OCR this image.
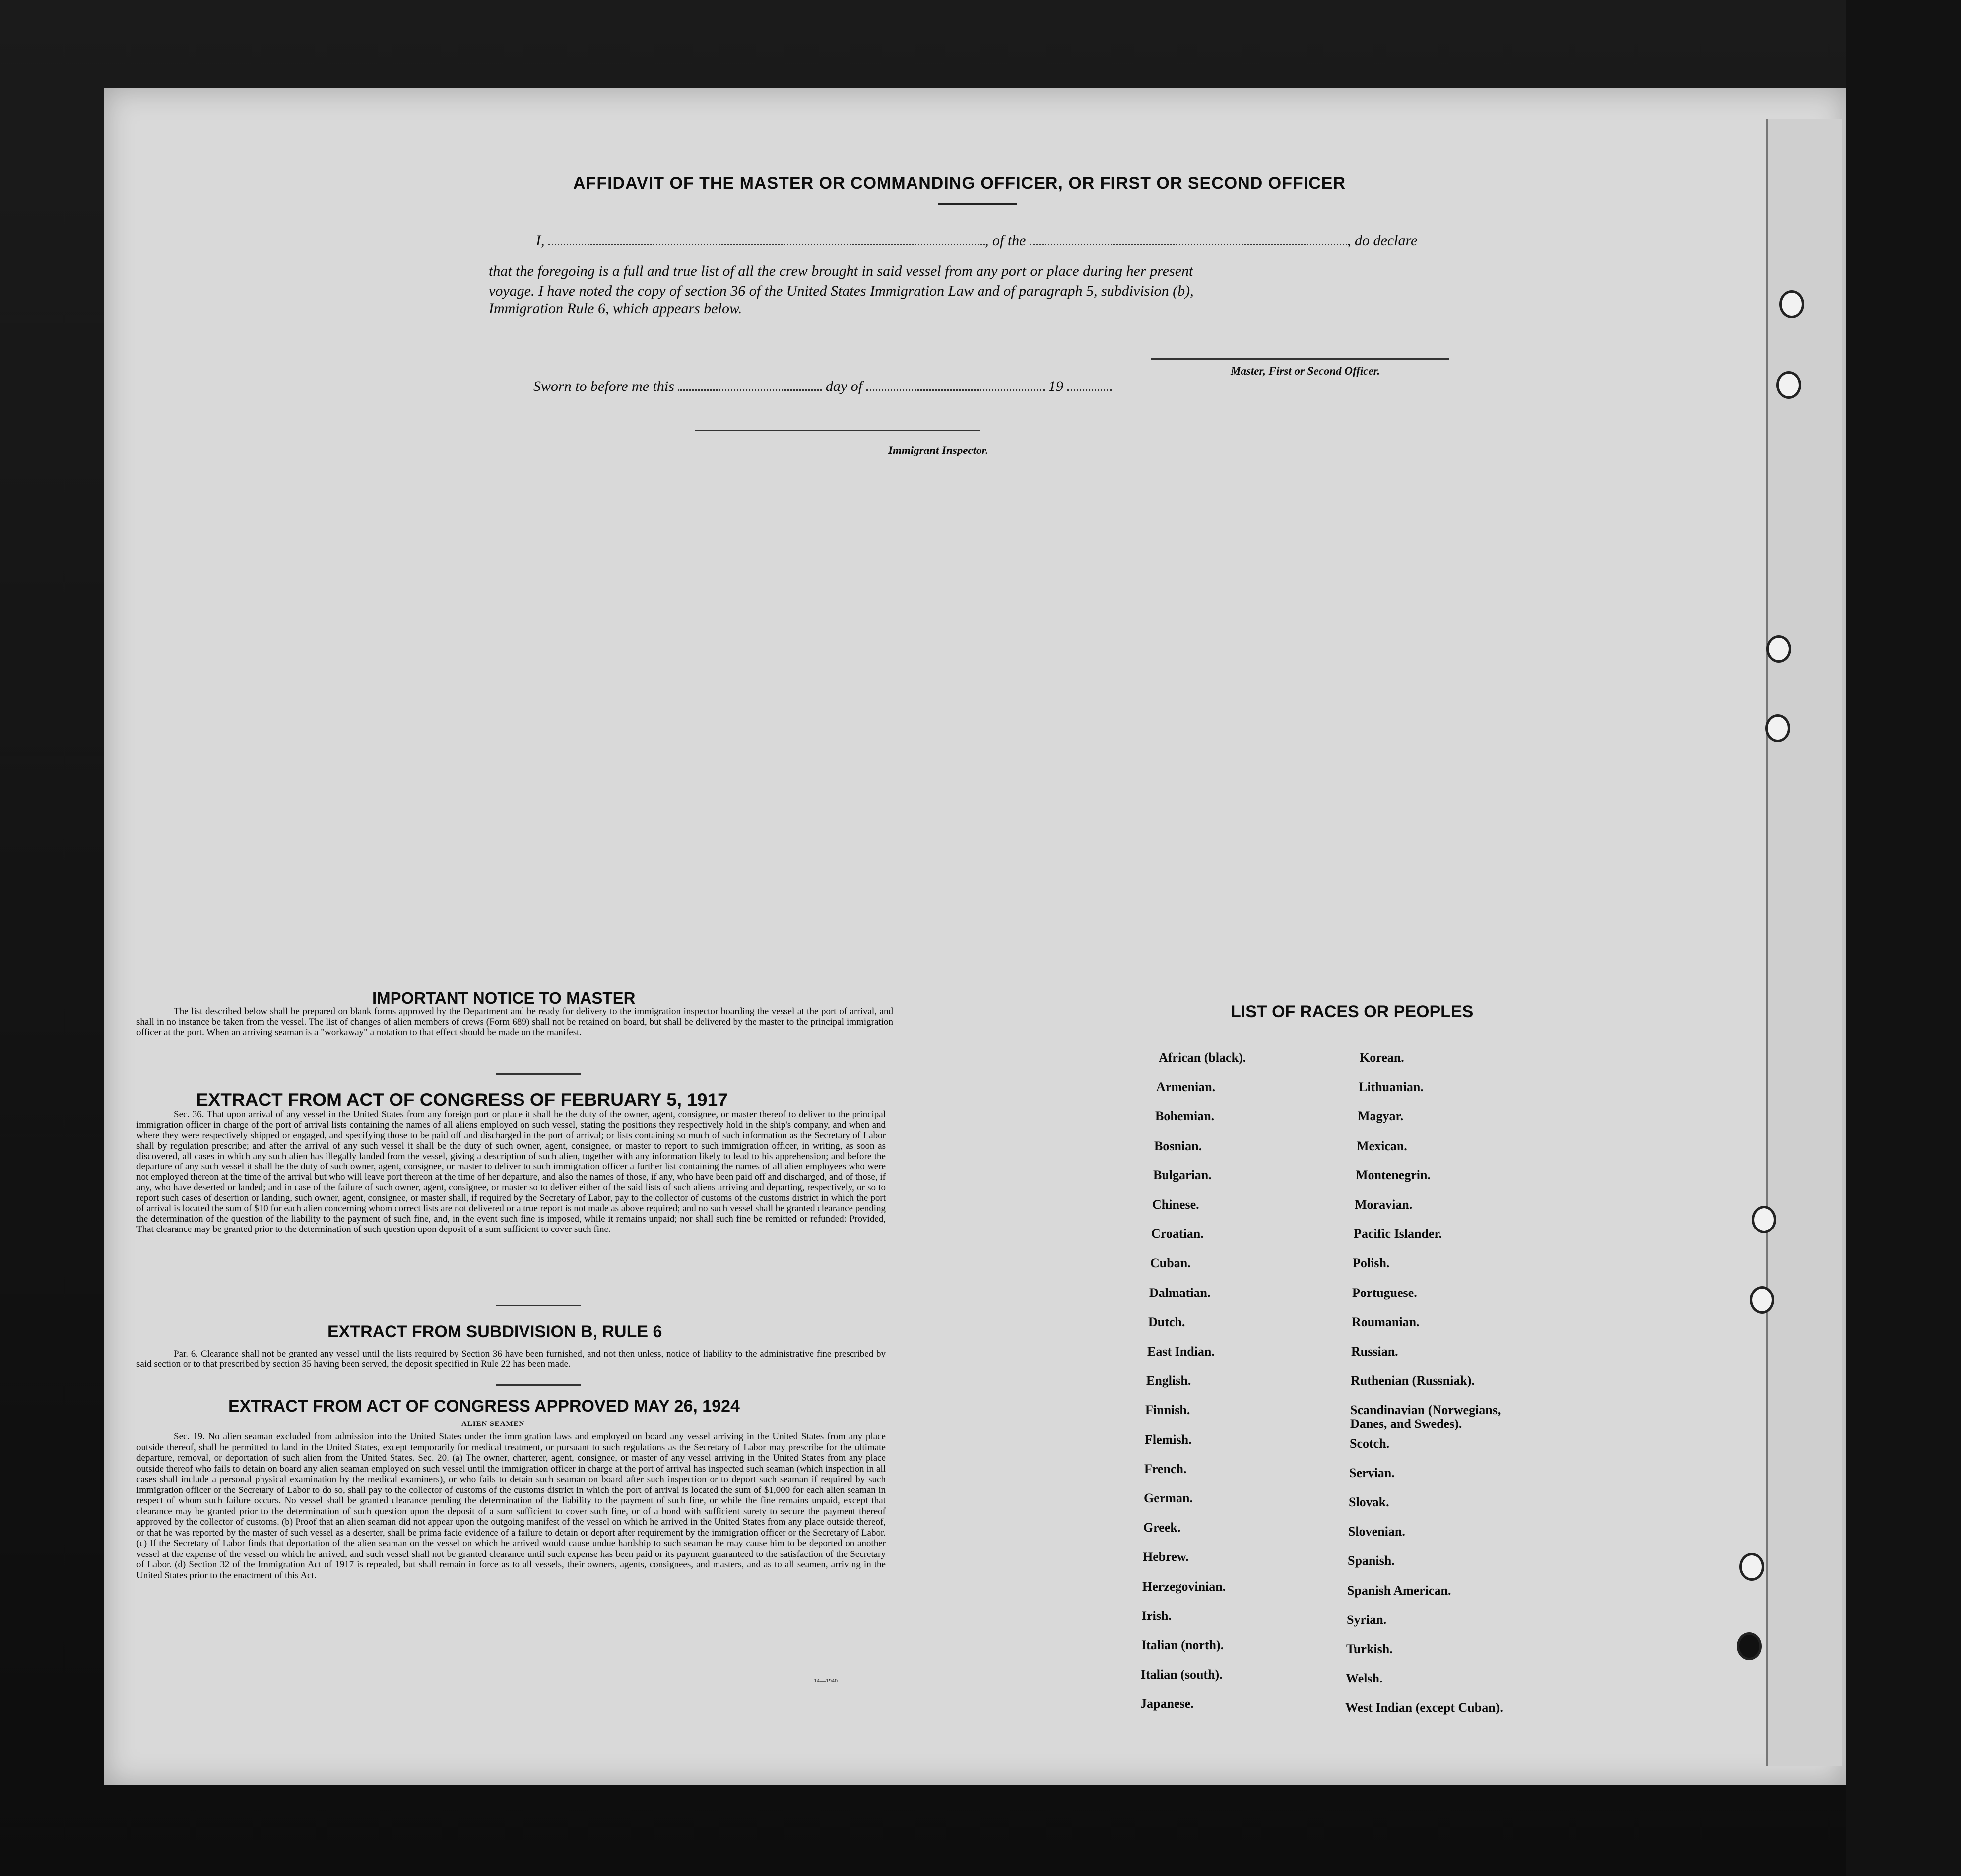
AFFIDAVIT OF THE MASTER OR COMMANDING OFFICER, OR FIRST OR SECOND OFFICER
I,	, of the	, do declare
that the foregoing is a full and true list of all the crew brought in said vessel from any port or place during her present
voyage. I have noted the copy of section 36 of the United States Immigration Law and of paragraph 5, subdivision (b),
Immigration Rule 6, which appears below.
Master, First or Second Officer.
Sworn to before me this	day of	19
Immigrant Inspector.
IMPORTANT NOTICE TO MASTER
The list described below shall be prepared on blank forms approved by the Department and be ready for delivery to the immigration inspector boarding the vessel at the port of arrival, and shall in no instance be taken from the vessel. The list of changes of alien members of crews (Form 689) shall not be retained on board, but shall be delivered by the master to the principal immigration officer at the port. When an arriving seaman is a "workaway" a notation to that effect should be made on the manifest.
EXTRACT FROM ACT OF CONGRESS OF FEBRUARY 5, 1917
Sec. 36. That upon arrival of any vessel in the United States from any foreign port or place it shall be the duty of the owner, agent, consignee, or master thereof to deliver to the principal immigration officer in charge of the port of arrival lists containing the names of all aliens employed on such vessel, stating the positions they respectively hold in the ship's company, and when and where they were respectively shipped or engaged, and specifying those to be paid off and discharged in the port of arrival; or lists containing so much of such information as the Secretary of Labor shall by regulation prescribe; and after the arrival of any such vessel it shall be the duty of such owner, agent, consignee, or master to report to such immigration officer, in writing, as soon as discovered, all cases in which any such alien has illegally landed from the vessel, giving a description of such alien, together with any information likely to lead to his apprehension; and before the departure of any such vessel it shall be the duty of such owner, agent, consignee, or master to deliver to such immigration officer a further list containing the names of all alien employees who were not employed thereon at the time of the arrival but who will leave port thereon at the time of her departure, and also the names of those, if any, who have been paid off and discharged, and of those, if any, who have deserted or landed; and in case of the failure of such owner, agent, consignee, or master so to deliver either of the said lists of such aliens arriving and departing, respectively, or so to report such cases of desertion or landing, such owner, agent, consignee, or master shall, if required by the Secretary of Labor, pay to the collector of customs of the customs district in which the port of arrival is located the sum of $10 for each alien concerning whom correct lists are not delivered or a true report is not made as above required; and no such vessel shall be granted clearance pending the determination of the question of the liability to the payment of such fine, and, in the event such fine is imposed, while it remains unpaid; nor shall such fine be remitted or refunded: Provided, That clearance may be granted prior to the determination of such question upon deposit of a sum sufficient to cover such fine.
EXTRACT FROM SUBDIVISION B, RULE 6
Par. 6. Clearance shall not be granted any vessel until the lists required by Section 36 have been furnished, and not then unless, notice of liability to the administrative fine prescribed by said section or to that prescribed by section 35 having been served, the deposit specified in Rule 22 has been made.
EXTRACT FROM ACT OF CONGRESS APPROVED MAY 26, 1924
ALIEN SEAMEN
Sec. 19. No alien seaman excluded from admission into the United States under the immigration laws and employed on board any vessel arriving in the United States from any place outside thereof, shall be permitted to land in the United States, except temporarily for medical treatment, or pursuant to such regulations as the Secretary of Labor may prescribe for the ultimate departure, removal, or deportation of such alien from the United States. Sec. 20. (a) The owner, charterer, agent, consignee, or master of any vessel arriving in the United States from any place outside thereof who fails to detain on board any alien seaman employed on such vessel until the immigration officer in charge at the port of arrival has inspected such seaman (which inspection in all cases shall include a personal physical examination by the medical examiners), or who fails to detain such seaman on board after such inspection or to deport such seaman if required by such immigration officer or the Secretary of Labor to do so, shall pay to the collector of customs of the customs district in which the port of arrival is located the sum of $1,000 for each alien seaman in respect of whom such failure occurs. No vessel shall be granted clearance pending the determination of the liability to the payment of such fine, or while the fine remains unpaid, except that clearance may be granted prior to the determination of such question upon the deposit of a sum sufficient to cover such fine, or of a bond with sufficient surety to secure the payment thereof approved by the collector of customs. (b) Proof that an alien seaman did not appear upon the outgoing manifest of the vessel on which he arrived in the United States from any place outside thereof, or that he was reported by the master of such vessel as a deserter, shall be prima facie evidence of a failure to detain or deport after requirement by the immigration officer or the Secretary of Labor. (c) If the Secretary of Labor finds that deportation of the alien seaman on the vessel on which he arrived would cause undue hardship to such seaman he may cause him to be deported on another vessel at the expense of the vessel on which he arrived, and such vessel shall not be granted clearance until such expense has been paid or its payment guaranteed to the satisfaction of the Secretary of Labor. (d) Section 32 of the Immigration Act of 1917 is repealed, but shall remain in force as to all vessels, their owners, agents, consignees, and masters, and as to all seamen, arriving in the United States prior to the enactment of this Act.
14—1940
LIST OF RACES OR PEOPLES
African (black).
Armenian.
Bohemian.
Bosnian.
Bulgarian.
Chinese.
Croatian.
Cuban.
Dalmatian.
Dutch.
East Indian.
English.
Finnish.
Flemish.
French.
German.
Greek.
Hebrew.
Herzegovinian.
Irish.
Italian (north).
Italian (south).
Japanese.
Korean.
Lithuanian.
Magyar.
Mexican.
Montenegrin.
Moravian.
Pacific Islander.
Polish.
Portuguese.
Roumanian.
Russian.
Ruthenian (Russniak).
Scandinavian (Norwegians, Danes, and Swedes).
Scotch.
Servian.
Slovak.
Slovenian.
Spanish.
Spanish American.
Syrian.
Turkish.
Welsh.
West Indian (except Cuban).
